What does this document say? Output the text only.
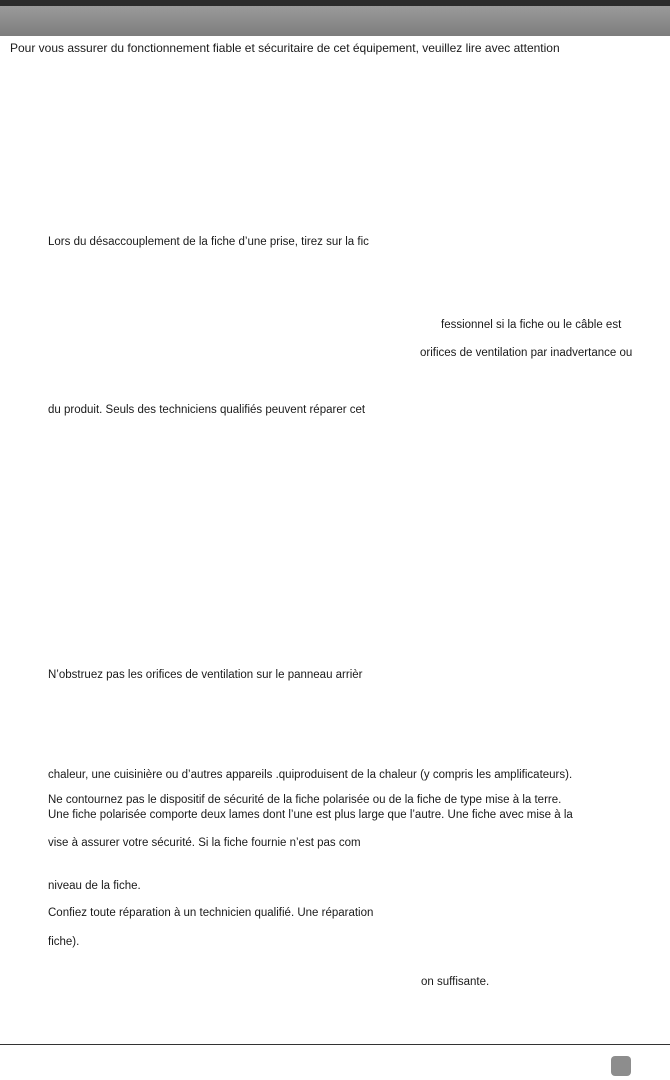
Pour vous assurer du fonctionnement fiable et sécuritaire de cet équipement, veuillez lire avec attention

Lors du désaccouplement de la fiche d’une prise, tirez sur la fic

fessionnel si la fiche ou le câble est

orifices de ventilation par inadvertance ou

du produit. Seuls des techniciens qualifiés peuvent réparer cet

N’obstruez pas les orifices de ventilation sur le panneau arrièr

chaleur, une cuisinière ou d’autres appareils .quiproduisent de la chaleur (y compris les amplificateurs).

Ne contournez pas le dispositif de sécurité de la fiche polarisée ou de la fiche de type mise à la terre.

Une fiche polarisée comporte deux lames dont l’une est plus large que l’autre. Une fiche avec mise à la

vise à assurer votre sécurité. Si la fiche fournie n’est pas com

niveau de la fiche.

Confiez toute réparation à un technicien qualifié. Une réparation

fiche).

on suffisante.
